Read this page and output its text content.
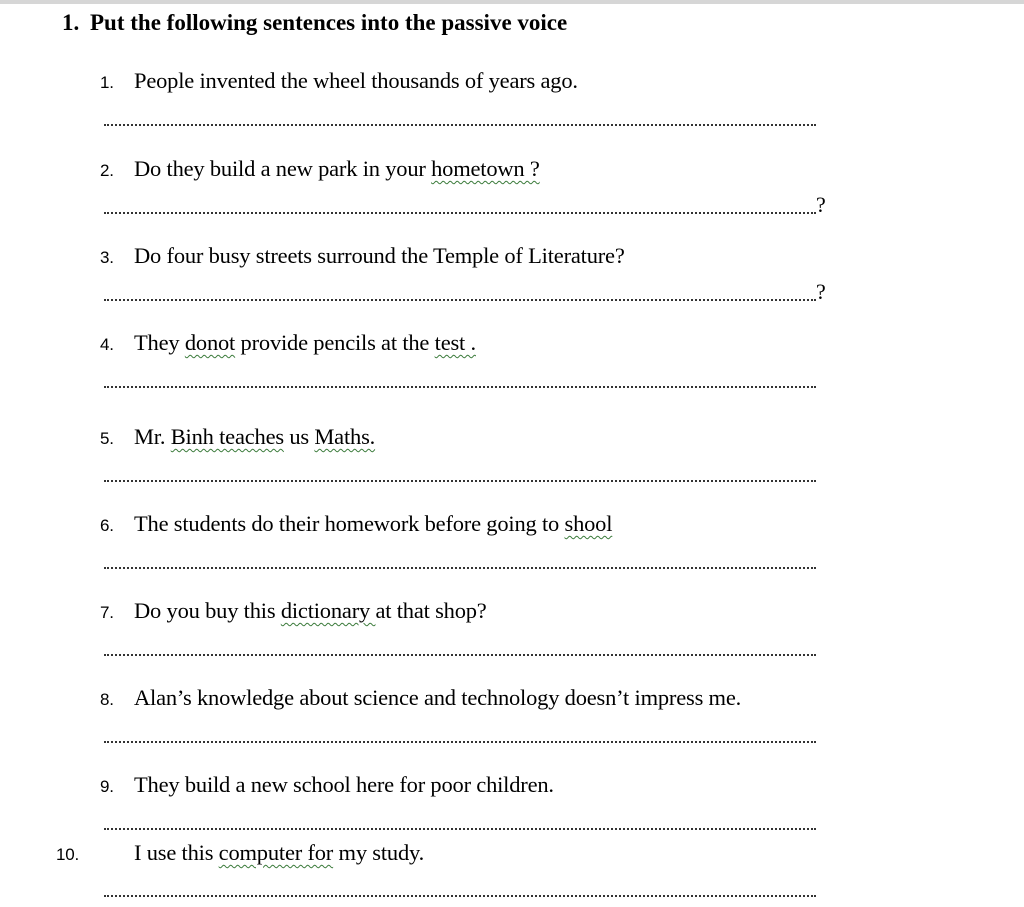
1. Put the following sentences into the passive voice
1. People invented the wheel thousands of years ago.
2. Do they build a new park in your hometown ?
?
3. Do four busy streets surround the Temple of Literature?
?
4. They donot provide pencils at the test .
5. Mr. Binh teaches us Maths.
6. The students do their homework before going to shool
7. Do you buy this dictionary at that shop?
8. Alan’s knowledge about science and technology doesn’t impress me.
9. They build a new school here for poor children.
10. I use this computer for my study.
